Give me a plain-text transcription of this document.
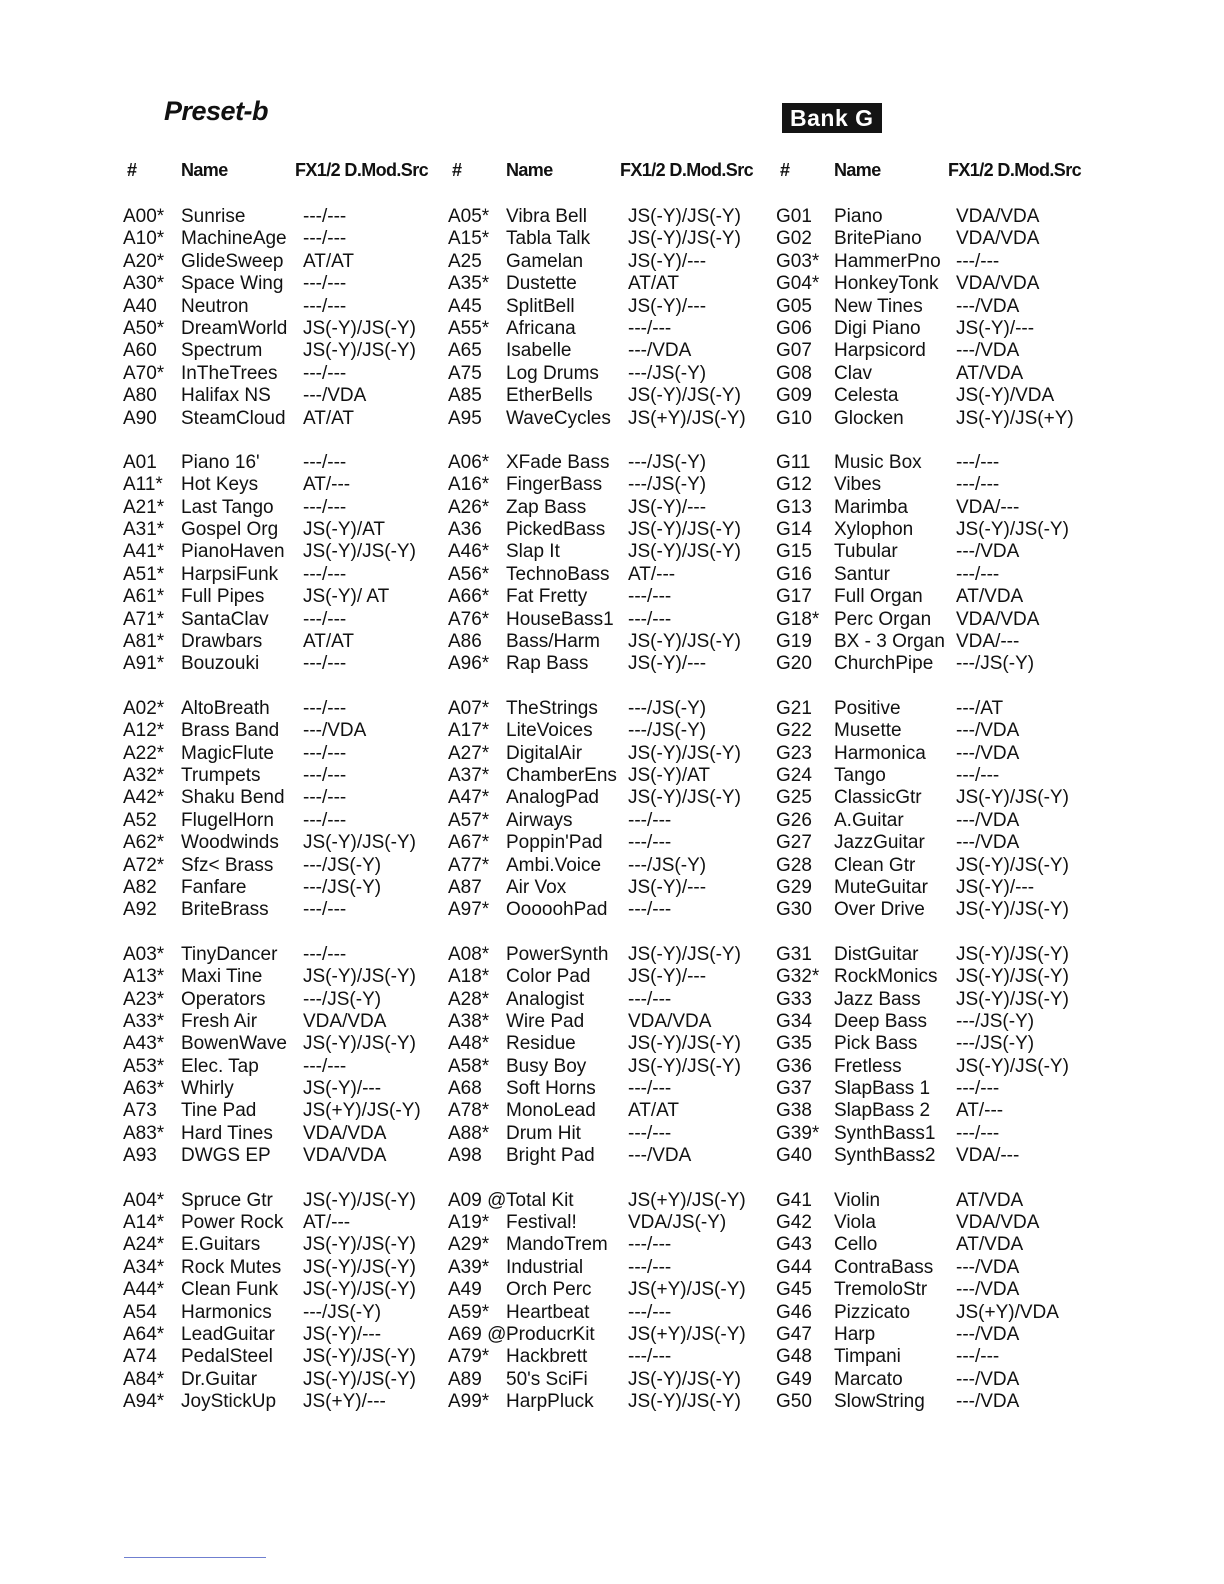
Preset-b	Bank G
# Name	FX1/2 D.Mod.Src
A00* Sunrise	---/---
A10* MachineAge ---/---
A20* GlideSweep AT/AT
A30* Space Wing ---/---
A40 Neutron	---/---
A50* DreamWorld JS(-Y)/JS(-Y)
A60 Spectrum JS(-Y)/JS(-Y)
A70* InTheTrees ---/---
A80 Halifax NS ---/VDA
A90 SteamCloud AT/AT
A01 Piano 16' ---/---
A11* Hot Keys AT/---
A21* Last Tango ---/---
A31* Gospel Org JS(-Y)/AT
A41* PianoHaven JS(-Y)/JS(-Y)
A51* HarpsiFunk ---/---
A61* Full Pipes JS(-Y)/ AT
A71* SantaClav ---/---
A81* Drawbars AT/AT
A91* Bouzouki ---/---
A02* AltoBreath ---/---
A12* Brass Band ---/VDA
A22* MagicFlute ---/---
A32* Trumpets ---/---
A42* Shaku Bend ---/---
A52 FlugelHorn ---/---
A62* Woodwinds JS(-Y)/JS(-Y)
A72* Sfz< Brass ---/JS(-Y)
A82 Fanfare	---/JS(-Y)
A92 BriteBrass ---/---
A03* TinyDancer ---/---
A13* Maxi Tine JS(-Y)/JS(-Y)
A23* Operators ---/JS(-Y)
A33* Fresh Air VDA/VDA
A43* BowenWave JS(-Y)/JS(-Y)
A53* Elec. Tap ---/---
A63* Whirly	JS(-Y)/---
A73 Tine Pad JS(+Y)/JS(-Y)
A83* Hard Tines VDA/VDA
A93 DWGS EP VDA/VDA
A04* Spruce Gtr JS(-Y)/JS(-Y)
A14* Power Rock AT/---
A24* E.Guitars JS(-Y)/JS(-Y)
A34* Rock Mutes JS(-Y)/JS(-Y)
A44* Clean Funk JS(-Y)/JS(-Y)
A54 Harmonics ---/JS(-Y)
A64* LeadGuitar JS(-Y)/---
A74 PedalSteel JS(-Y)/JS(-Y)
A84* Dr.Guitar JS(-Y)/JS(-Y)
A94* JoyStickUp JS(+Y)/---
# Name	FX1/2 D.Mod.Src
A05* Vibra Bell JS(-Y)/JS(-Y)
A15* Tabla Talk JS(-Y)/JS(-Y)
A25 Gamelan JS(-Y)/---
A35* Dustette	AT/AT
A45 SplitBell	JS(-Y)/---
A55* Africana	---/---
A65 Isabelle	---/VDA
A75 Log Drums ---/JS(-Y)
A85 EtherBells JS(-Y)/JS(-Y)
A95 WaveCycles JS(+Y)/JS(-Y)
A06* XFade Bass ---/JS(-Y)
A16* FingerBass ---/JS(-Y)
A26* Zap Bass JS(-Y)/---
A36 PickedBass JS(-Y)/JS(-Y)
A46* Slap It	JS(-Y)/JS(-Y)
A56* TechnoBass AT/---
A66* Fat Fretty ---/---
A76* HouseBass1 ---/---
A86 Bass/Harm JS(-Y)/JS(-Y)
A96* Rap Bass JS(-Y)/---
A07* TheStrings ---/JS(-Y)
A17* LiteVoices ---/JS(-Y)
A27* DigitalAir JS(-Y)/JS(-Y)
A37* ChamberEns JS(-Y)/AT
A47* AnalogPad JS(-Y)/JS(-Y)
A57* Airways	---/---
A67* Poppin'Pad ---/---
A77* Ambi.Voice ---/JS(-Y)
A87 Air Vox	JS(-Y)/---
A97* OoooohPad ---/---
A08* PowerSynth JS(-Y)/JS(-Y)
A18* Color Pad JS(-Y)/---
A28* Analogist ---/---
A38* Wire Pad VDA/VDA
A48* Residue	JS(-Y)/JS(-Y)
A58* Busy Boy JS(-Y)/JS(-Y)
A68 Soft Horns ---/---
A78* MonoLead AT/AT
A88* Drum Hit ---/---
A98 Bright Pad ---/VDA
A09 @ Total Kit	JS(+Y)/JS(-Y)
A19* Festival!	VDA/JS(-Y)
A29* MandoTrem ---/---
A39* Industrial ---/---
A49 Orch Perc JS(+Y)/JS(-Y)
A59* Heartbeat ---/---
A69 @ ProducrKit JS(+Y)/JS(-Y)
A79* Hackbrett ---/---
A89 50's SciFi JS(-Y)/JS(-Y)
A99* HarpPluck JS(-Y)/JS(-Y)
# Name	FX1/2 D.Mod.Src
G01 Piano	VDA/VDA
G02 BritePiano VDA/VDA
G03* HammerPno ---/---
G04* HonkeyTonk VDA/VDA
G05 New Tines ---/VDA
G06 Digi Piano JS(-Y)/---
G07 Harpsicord ---/VDA
G08 Clav	AT/VDA
G09 Celesta	JS(-Y)/VDA
G10 Glocken	JS(-Y)/JS(+Y)
G11 Music Box ---/---
G12 Vibes	---/---
G13 Marimba	VDA/---
G14 Xylophon JS(-Y)/JS(-Y)
G15 Tubular	---/VDA
G16 Santur	---/---
G17 Full Organ AT/VDA
G18* Perc Organ VDA/VDA
G19 BX - 3 Organ VDA/---
G20 ChurchPipe ---/JS(-Y)
G21 Positive	---/AT
G22 Musette	---/VDA
G23 Harmonica ---/VDA
G24 Tango	---/---
G25 ClassicGtr JS(-Y)/JS(-Y)
G26 A.Guitar	---/VDA
G27 JazzGuitar ---/VDA
G28 Clean Gtr JS(-Y)/JS(-Y)
G29 MuteGuitar JS(-Y)/---
G30 Over Drive JS(-Y)/JS(-Y)
G31 DistGuitar JS(-Y)/JS(-Y)
G32* RockMonics JS(-Y)/JS(-Y)
G33 Jazz Bass JS(-Y)/JS(-Y)
G34 Deep Bass ---/JS(-Y)
G35 Pick Bass ---/JS(-Y)
G36 Fretless	JS(-Y)/JS(-Y)
G37 SlapBass 1 ---/---
G38 SlapBass 2 AT/---
G39* SynthBass1 ---/---
G40 SynthBass2 VDA/---
G41 Violin	AT/VDA
G42 Viola	VDA/VDA
G43 Cello	AT/VDA
G44 ContraBass ---/VDA
G45 TremoloStr ---/VDA
G46 Pizzicato JS(+Y)/VDA
G47 Harp	---/VDA
G48 Timpani	---/---
G49 Marcato	---/VDA
G50 SlowString ---/VDA
